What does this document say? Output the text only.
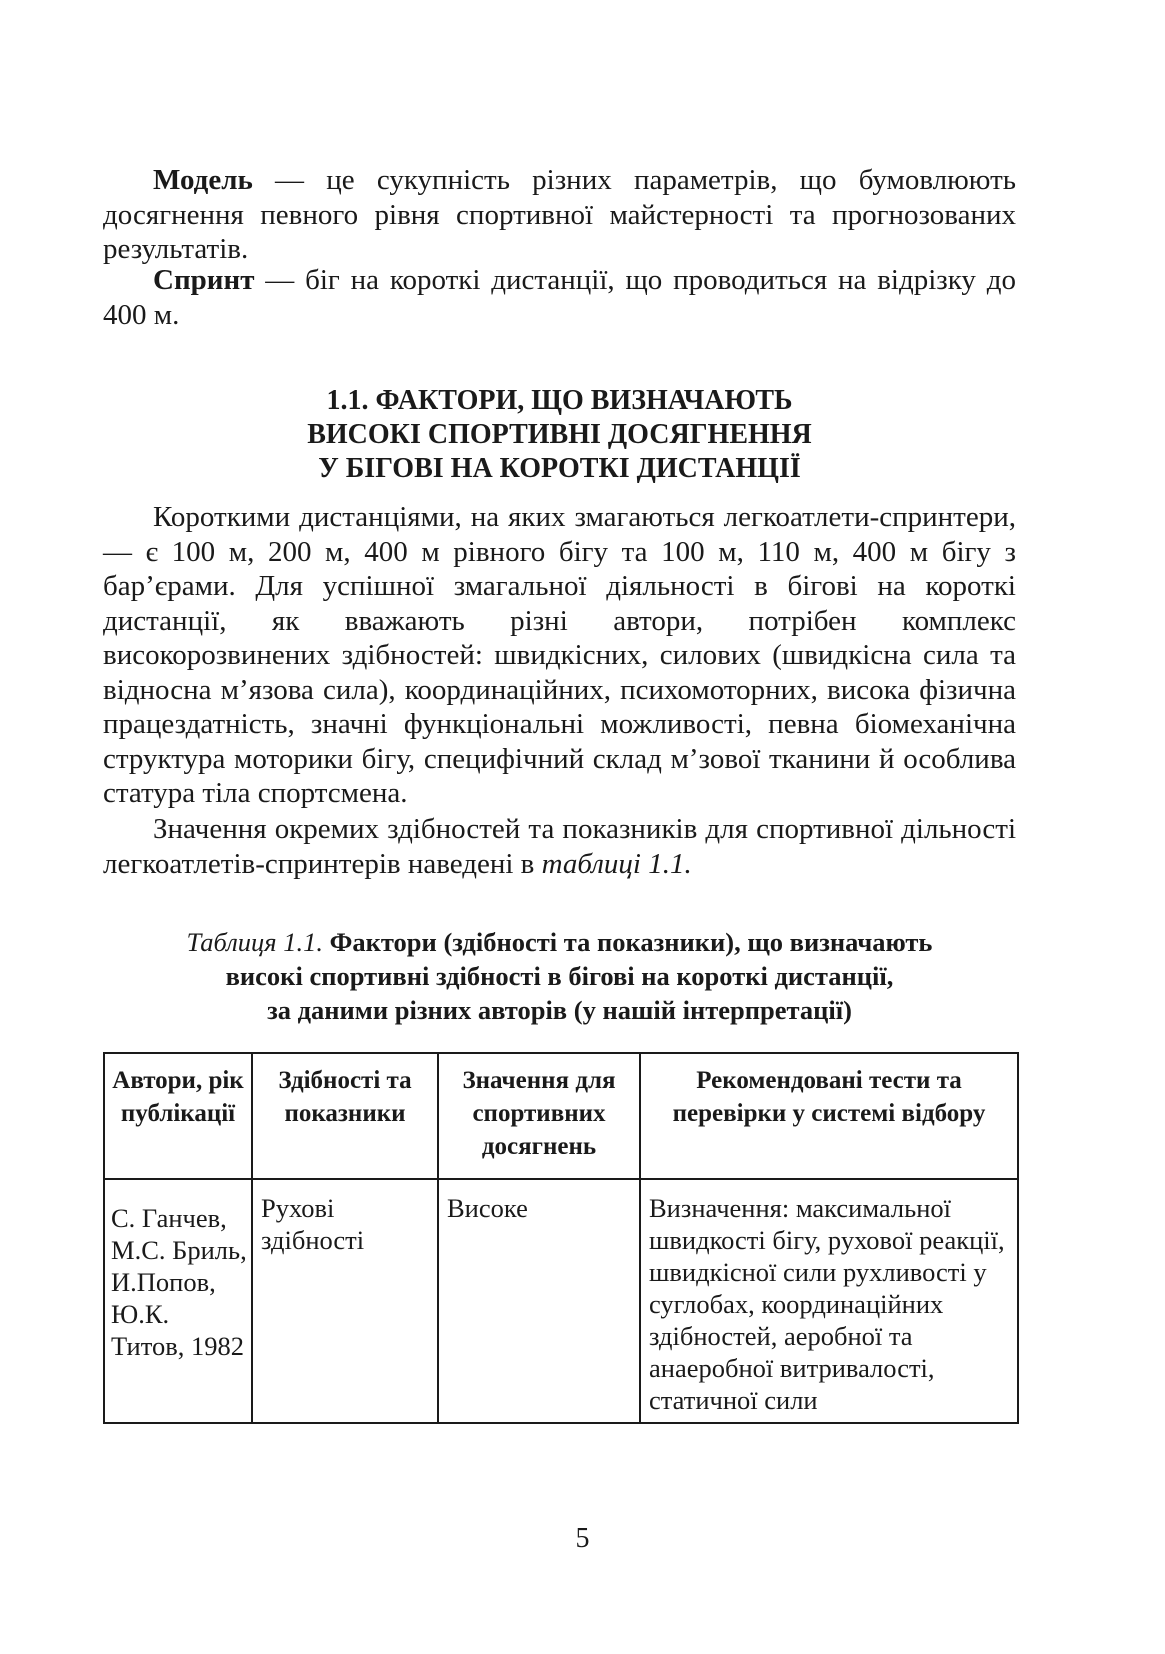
Модель — це сукупність різних параметрів, що бумовлюють досягнення певного рівня спортивної майстерності та прогнозованих результатів.

Спринт — біг на короткі дистанції, що проводиться на відрізку до 400 м.

1.1. ФАКТОРИ, ЩО ВИЗНАЧАЮТЬ
ВИСОКІ СПОРТИВНІ ДОСЯГНЕННЯ
У БІГОВІ НА КОРОТКІ ДИСТАНЦІЇ

Короткими дистанціями, на яких змагаються легкоатлети-спринтери, — є 100 м, 200 м, 400 м рівного бігу та 100 м, 110 м, 400 м бігу з бар’єрами. Для успішної змагальної діяльності в бігові на короткі дистанції, як вважають різні автори, потрібен комплекс високорозвинених здібностей: швидкісних, силових (швидкісна сила та відносна м’язова сила), координаційних, психомоторних, висока фізична працездатність, значні функціональні можливості, певна біомеханічна структура моторики бігу, специфічний склад м’зової тканини й особлива статура тіла спортсмена.

Значення окремих здібностей та показників для спортивної дільності легкоатлетів-спринтерів наведені в таблиці 1.1.

Таблиця 1.1. Фактори (здібності та показники), що визначають
високі спортивні здібності в бігові на короткі дистанції,
за даними різних авторів (у нашій інтерпретації)
Автори, рік публікації	Здібності та показники	Значення для спортивних досягнень	Рекомендовані тести та перевірки у системі відбору
С. Ганчев, М.С. Бриль, И.Попов, Ю.К. Титов, 1982	Рухові здібності	Високе	Визначення: максимальної швидкості бігу, рухової реакції, швидкісної сили рухливості у суглобах, координаційних здібностей, аеробної та анаеробної витривалості, статичної сили
5
